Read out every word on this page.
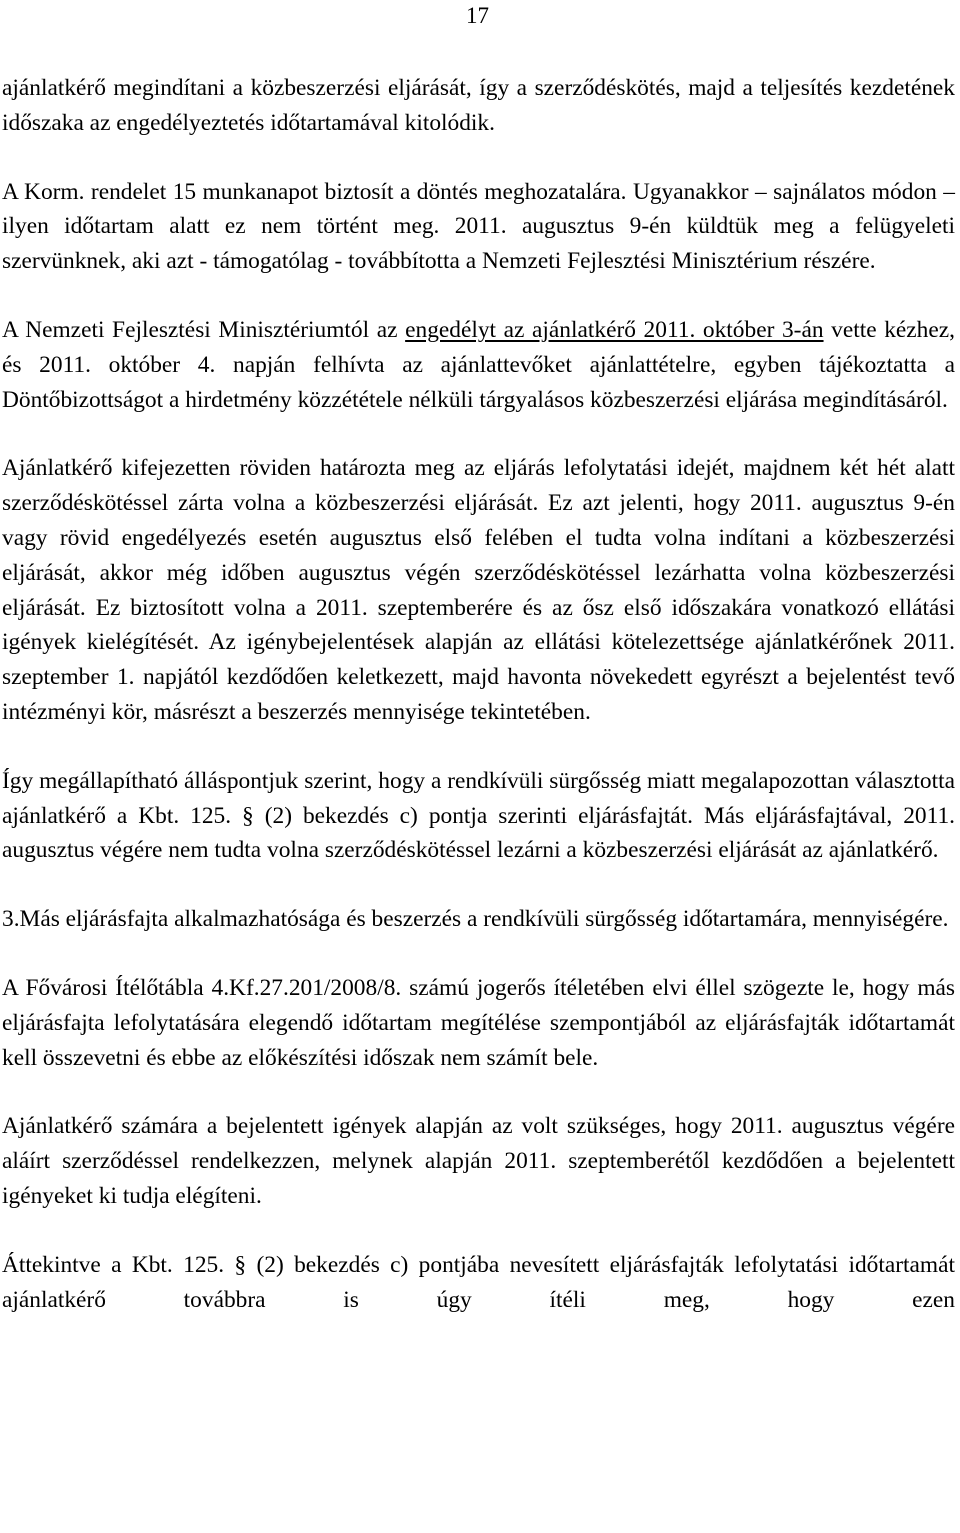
17

ajánlatkérő megindítani a közbeszerzési eljárását, így a szerződéskötés, majd a teljesítés kezdetének időszaka az engedélyeztetés időtartamával kitolódik.

A Korm. rendelet 15 munkanapot biztosít a döntés meghozatalára. Ugyanakkor – sajnálatos módon – ilyen időtartam alatt ez nem történt meg. 2011. augusztus 9-én küldtük meg a felügyeleti szervünknek, aki azt - támogatólag - továbbította a Nemzeti Fejlesztési Minisztérium részére.

A Nemzeti Fejlesztési Minisztériumtól az engedélyt az ajánlatkérő 2011. október 3-án vette kézhez, és 2011. október 4. napján felhívta az ajánlattevőket ajánlattételre, egyben tájékoztatta a Döntőbizottságot a hirdetmény közzététele nélküli tárgyalásos közbeszerzési eljárása megindításáról.

Ajánlatkérő kifejezetten röviden határozta meg az eljárás lefolytatási idejét, majdnem két hét alatt szerződéskötéssel zárta volna a közbeszerzési eljárását. Ez azt jelenti, hogy 2011. augusztus 9-én vagy rövid engedélyezés esetén augusztus első felében el tudta volna indítani a közbeszerzési eljárását, akkor még időben augusztus végén szerződéskötéssel lezárhatta volna közbeszerzési eljárását. Ez biztosított volna a 2011. szeptemberére és az ősz első időszakára vonatkozó ellátási igények kielégítését. Az igénybejelentések alapján az ellátási kötelezettsége ajánlatkérőnek 2011. szeptember 1. napjától kezdődően keletkezett, majd havonta növekedett egyrészt a bejelentést tevő intézményi kör, másrészt a beszerzés mennyisége tekintetében.

Így megállapítható álláspontjuk szerint, hogy a rendkívüli sürgősség miatt megalapozottan választotta ajánlatkérő a Kbt. 125. § (2) bekezdés c) pontja szerinti eljárásfajtát. Más eljárásfajtával, 2011. augusztus végére nem tudta volna szerződéskötéssel lezárni a közbeszerzési eljárását az ajánlatkérő.

3.Más eljárásfajta alkalmazhatósága és beszerzés a rendkívüli sürgősség időtartamára, mennyiségére.

A Fővárosi Ítélőtábla 4.Kf.27.201/2008/8. számú jogerős ítéletében elvi éllel szögezte le, hogy más eljárásfajta lefolytatására elegendő időtartam megítélése szempontjából az eljárásfajták időtartamát kell összevetni és ebbe az előkészítési időszak nem számít bele.

Ajánlatkérő számára a bejelentett igények alapján az volt szükséges, hogy 2011. augusztus végére aláírt szerződéssel rendelkezzen, melynek alapján 2011. szeptemberétől kezdődően a bejelentett igényeket ki tudja elégíteni.

Áttekintve a Kbt. 125. § (2) bekezdés c) pontjába nevesített eljárásfajták lefolytatási időtartamát ajánlatkérő továbbra is úgy ítéli meg, hogy ezen
